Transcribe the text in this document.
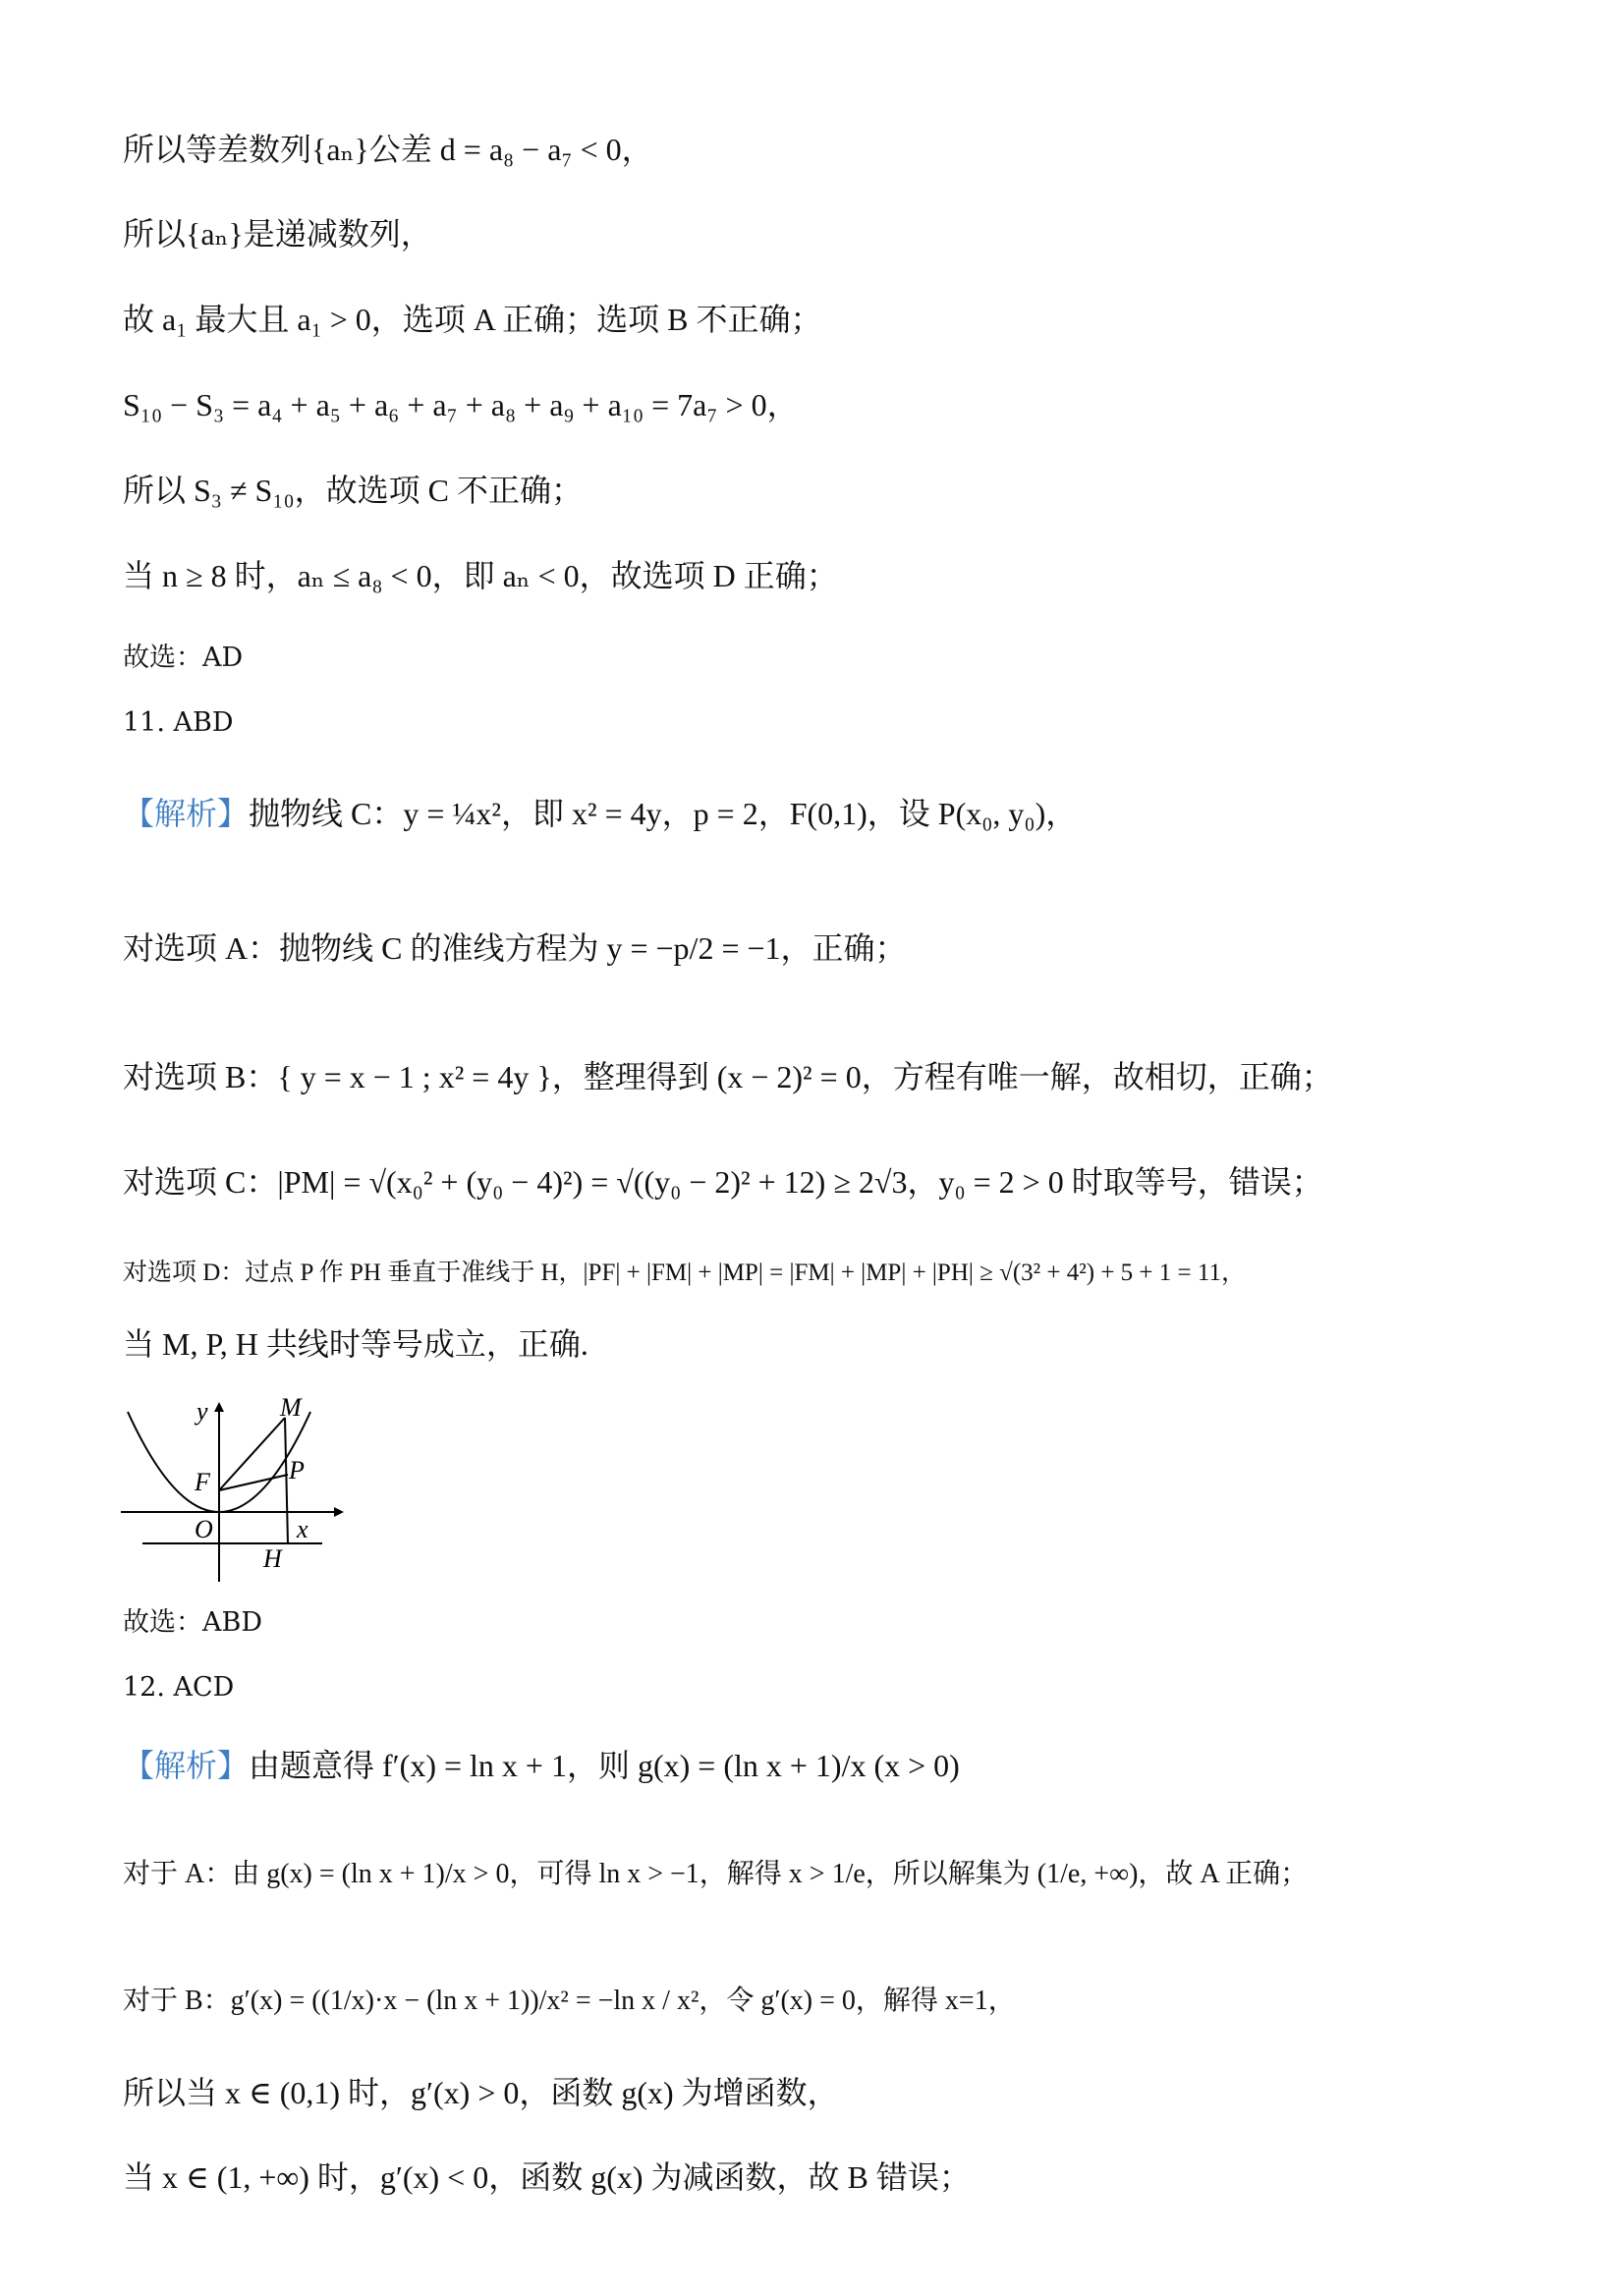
所以等差数列{aₙ}公差 d = a₈ − a₇ < 0，
所以{aₙ}是递减数列，
故 a₁ 最大且 a₁ > 0，选项 A 正确；选项 B 不正确；
S₁₀ − S₃ = a₄ + a₅ + a₆ + a₇ + a₈ + a₉ + a₁₀ = 7a₇ > 0，
所以 S₃ ≠ S₁₀，故选项 C 不正确；
当 n ≥ 8 时，aₙ ≤ a₈ < 0，即 aₙ < 0，故选项 D 正确；
故选：AD
11. ABD
【解析】抛物线 C：y = ¼x²，即 x² = 4y，p = 2，F(0,1)，设 P(x₀, y₀)，
对选项 A：抛物线 C 的准线方程为 y = −p/2 = −1，正确；
对选项 B：{ y = x − 1 ; x² = 4y }，整理得到 (x − 2)² = 0，方程有唯一解，故相切，正确；
对选项 C：|PM| = √(x₀² + (y₀ − 4)²) = √((y₀ − 2)² + 12) ≥ 2√3，y₀ = 2 > 0 时取等号，错误；
对选项 D：过点 P 作 PH 垂直于准线于 H，|PF| + |FM| + |MP| = |FM| + |MP| + |PH| ≥ √(3² + 4²) + 5 + 1 = 11，
当 M, P, H 共线时等号成立，正确.
y	M
F	P
O	x
H
故选：ABD
12. ACD
【解析】由题意得 f′(x) = ln x + 1，则 g(x) = (ln x + 1)/x (x > 0)
对于 A：由 g(x) = (ln x + 1)/x > 0，可得 ln x > −1，解得 x > 1/e，所以解集为 (1/e, +∞)，故 A 正确；
对于 B：g′(x) = ((1/x)·x − (ln x + 1))/x² = −ln x / x²，令 g′(x) = 0，解得 x=1，
所以当 x ∈ (0,1) 时，g′(x) > 0，函数 g(x) 为增函数，
当 x ∈ (1, +∞) 时，g′(x) < 0，函数 g(x) 为减函数，故 B 错误；
